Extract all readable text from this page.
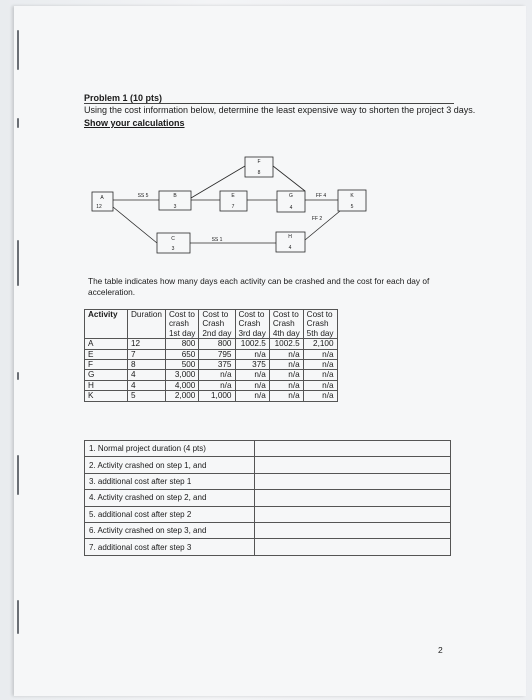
Problem 1 (10 pts)
Using the cost information below, determine the least expensive way to shorten the project 3 days.
Show your calculations
A
12
B
3
C
3
E
7
F
8
G
4
H
4
K
5
SS 5
SS 1
FF 4
FF 2
The table indicates how many days each activity can be crashed and the cost for each day of acceleration.
Activity	Duration	Cost to
crash
1st day	Cost to
Crash
2nd day	Cost to
Crash
3rd day	Cost to
Crash
4th day	Cost to
Crash
5th day
A	12	800	800	1002.5	1002.5	2,100
E	7	650	795	n/a	n/a	n/a
F	8	500	375	375	n/a	n/a
G	4	3,000	n/a	n/a	n/a	n/a
H	4	4,000	n/a	n/a	n/a	n/a
K	5	2,000	1,000	n/a	n/a	n/a
1. Normal project duration (4 pts)	
2. Activity crashed on step 1, and	
3. additional cost after step 1	
4. Activity crashed on step 2, and	
5. additional cost after step 2	
6. Activity crashed on step 3, and	
7. additional cost after step 3	
2
